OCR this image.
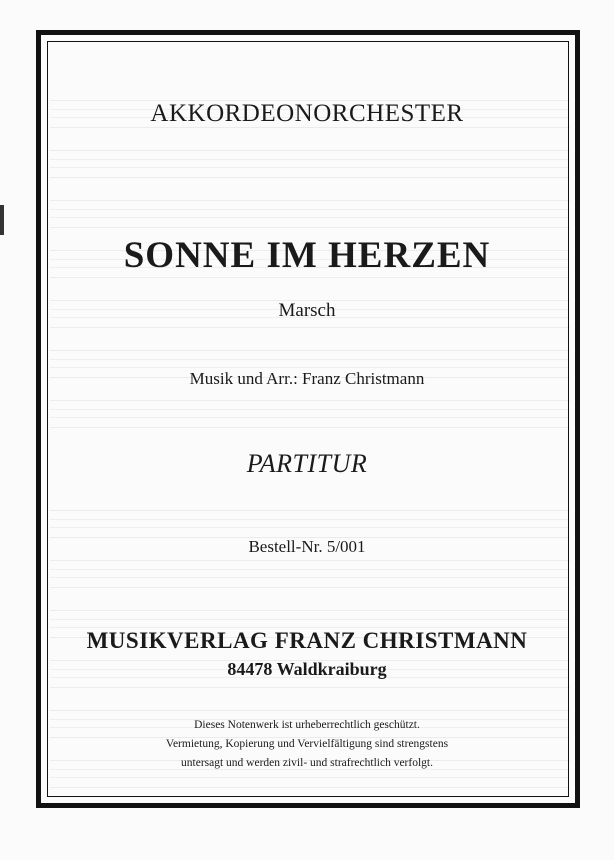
AKKORDEONORCHESTER
SONNE IM HERZEN
Marsch
Musik und Arr.: Franz Christmann
PARTITUR
Bestell-Nr. 5/001
MUSIKVERLAG FRANZ CHRISTMANN
84478 Waldkraiburg
Dieses Notenwerk ist urheberrechtlich geschützt.
Vermietung, Kopierung und Vervielfältigung sind strengstens
untersagt und werden zivil- und strafrechtlich verfolgt.
